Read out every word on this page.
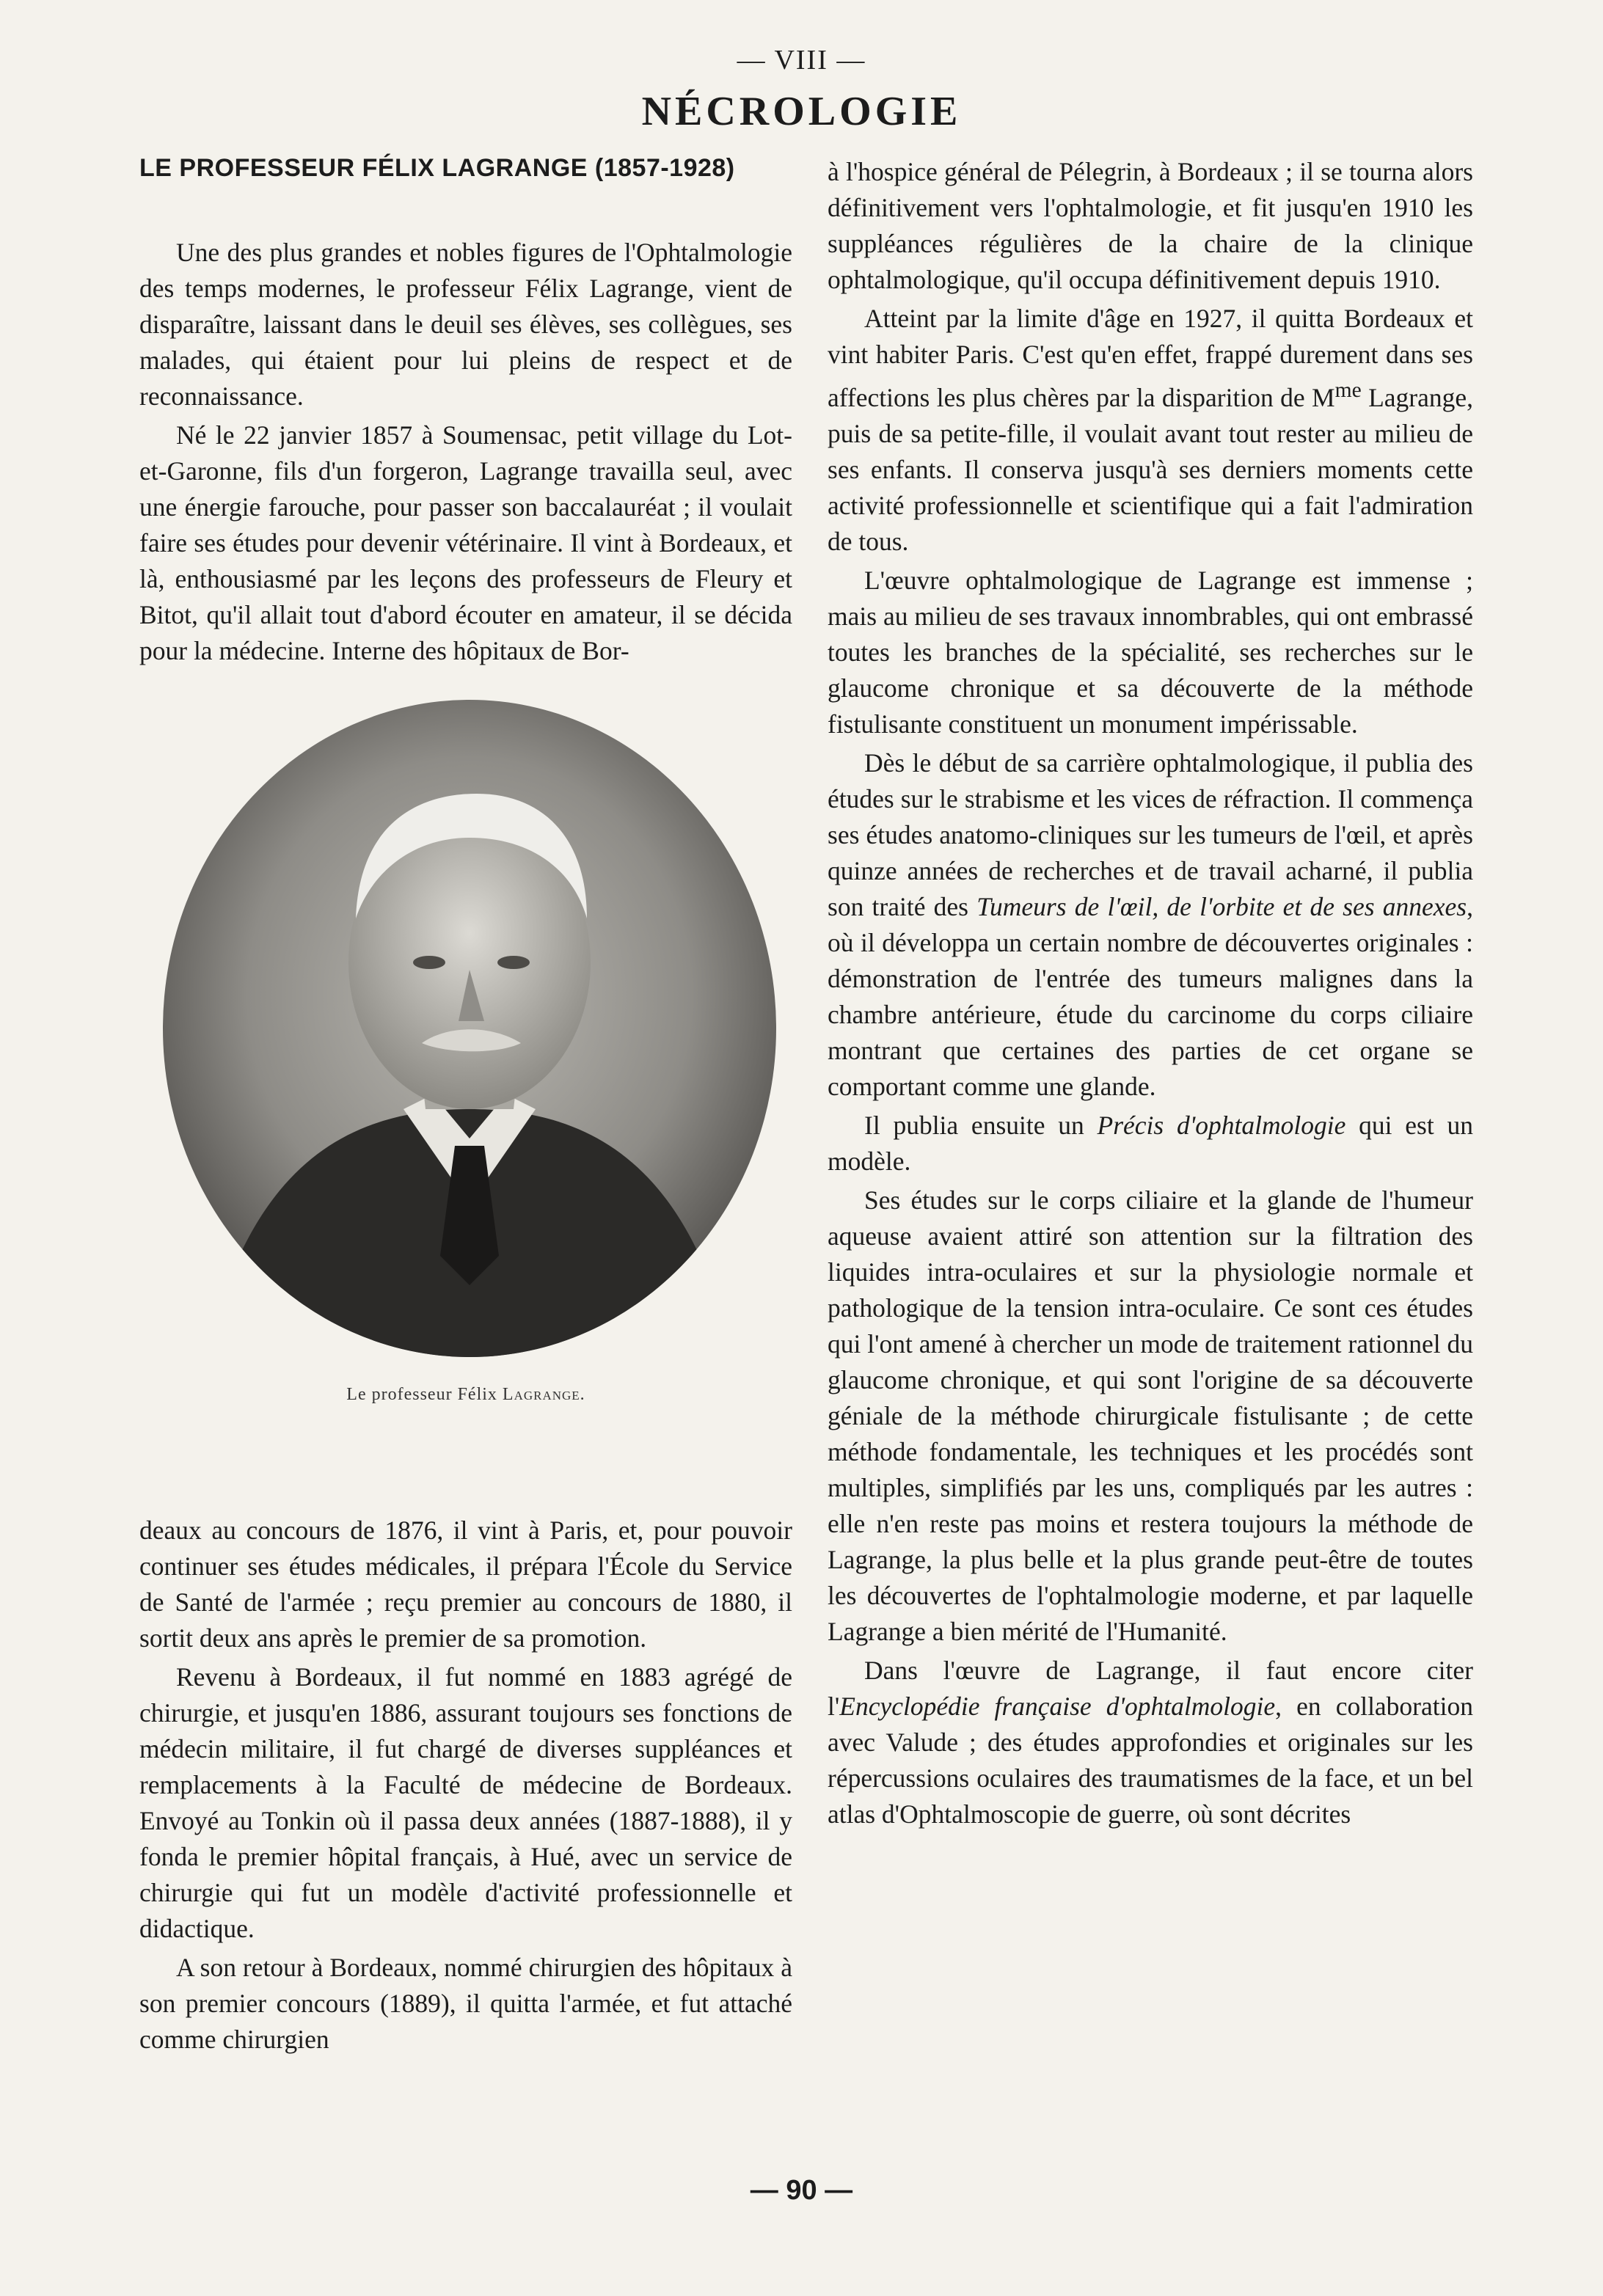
— VIII —
NÉCROLOGIE
LE PROFESSEUR FÉLIX LAGRANGE (1857-1928)

Une des plus grandes et nobles figures de l'Ophtalmologie des temps modernes, le professeur Félix Lagrange, vient de disparaître, laissant dans le deuil ses élèves, ses collègues, ses malades, qui étaient pour lui pleins de respect et de reconnaissance.

Né le 22 janvier 1857 à Soumensac, petit village du Lot-et-Garonne, fils d'un forgeron, Lagrange travailla seul, avec une énergie farouche, pour passer son baccalauréat ; il voulait faire ses études pour devenir vétérinaire. Il vint à Bordeaux, et là, enthousiasmé par les leçons des professeurs de Fleury et Bitot, qu'il allait tout d'abord écouter en amateur, il se décida pour la médecine. Interne des hôpitaux de Bor-

Le professeur Félix Lagrange.

deaux au concours de 1876, il vint à Paris, et, pour pouvoir continuer ses études médicales, il prépara l'École du Service de Santé de l'armée ; reçu premier au concours de 1880, il sortit deux ans après le premier de sa promotion.

Revenu à Bordeaux, il fut nommé en 1883 agrégé de chirurgie, et jusqu'en 1886, assurant toujours ses fonctions de médecin militaire, il fut chargé de diverses suppléances et remplacements à la Faculté de médecine de Bordeaux. Envoyé au Tonkin où il passa deux années (1887-1888), il y fonda le premier hôpital français, à Hué, avec un service de chirurgie qui fut un modèle d'activité professionnelle et didactique.

A son retour à Bordeaux, nommé chirurgien des hôpitaux à son premier concours (1889), il quitta l'armée, et fut attaché comme chirurgien

à l'hospice général de Pélegrin, à Bordeaux ; il se tourna alors définitivement vers l'ophtalmologie, et fit jusqu'en 1910 les suppléances régulières de la chaire de la clinique ophtalmologique, qu'il occupa définitivement depuis 1910.

Atteint par la limite d'âge en 1927, il quitta Bordeaux et vint habiter Paris. C'est qu'en effet, frappé durement dans ses affections les plus chères par la disparition de $M^{me}$ Lagrange, puis de sa petite-fille, il voulait avant tout rester au milieu de ses enfants. Il conserva jusqu'à ses derniers moments cette activité professionnelle et scientifique qui a fait l'admiration de tous.

L'œuvre ophtalmologique de Lagrange est immense ; mais au milieu de ses travaux innombrables, qui ont embrassé toutes les branches de la spécialité, ses recherches sur le glaucome chronique et sa découverte de la méthode fistulisante constituent un monument impérissable.

Dès le début de sa carrière ophtalmologique, il publia des études sur le strabisme et les vices de réfraction. Il commença ses études anatomo-cliniques sur les tumeurs de l'œil, et après quinze années de recherches et de travail acharné, il publia son traité des Tumeurs de l'œil, de l'orbite et de ses annexes, où il développa un certain nombre de découvertes originales : démonstration de l'entrée des tumeurs malignes dans la chambre antérieure, étude du carcinome du corps ciliaire montrant que certaines des parties de cet organe se comportant comme une glande.

Il publia ensuite un Précis d'ophtalmologie qui est un modèle.

Ses études sur le corps ciliaire et la glande de l'humeur aqueuse avaient attiré son attention sur la filtration des liquides intra-oculaires et sur la physiologie normale et pathologique de la tension intra-oculaire. Ce sont ces études qui l'ont amené à chercher un mode de traitement rationnel du glaucome chronique, et qui sont l'origine de sa découverte géniale de la méthode chirurgicale fistulisante ; de cette méthode fondamentale, les techniques et les procédés sont multiples, simplifiés par les uns, compliqués par les autres : elle n'en reste pas moins et restera toujours la méthode de Lagrange, la plus belle et la plus grande peut-être de toutes les découvertes de l'ophtalmologie moderne, et par laquelle Lagrange a bien mérité de l'Humanité.

Dans l'œuvre de Lagrange, il faut encore citer l'Encyclopédie française d'ophtalmologie, en collaboration avec Valude ; des études approfondies et originales sur les répercussions oculaires des traumatismes de la face, et un bel atlas d'Ophtalmoscopie de guerre, où sont décrites

— 90 —
